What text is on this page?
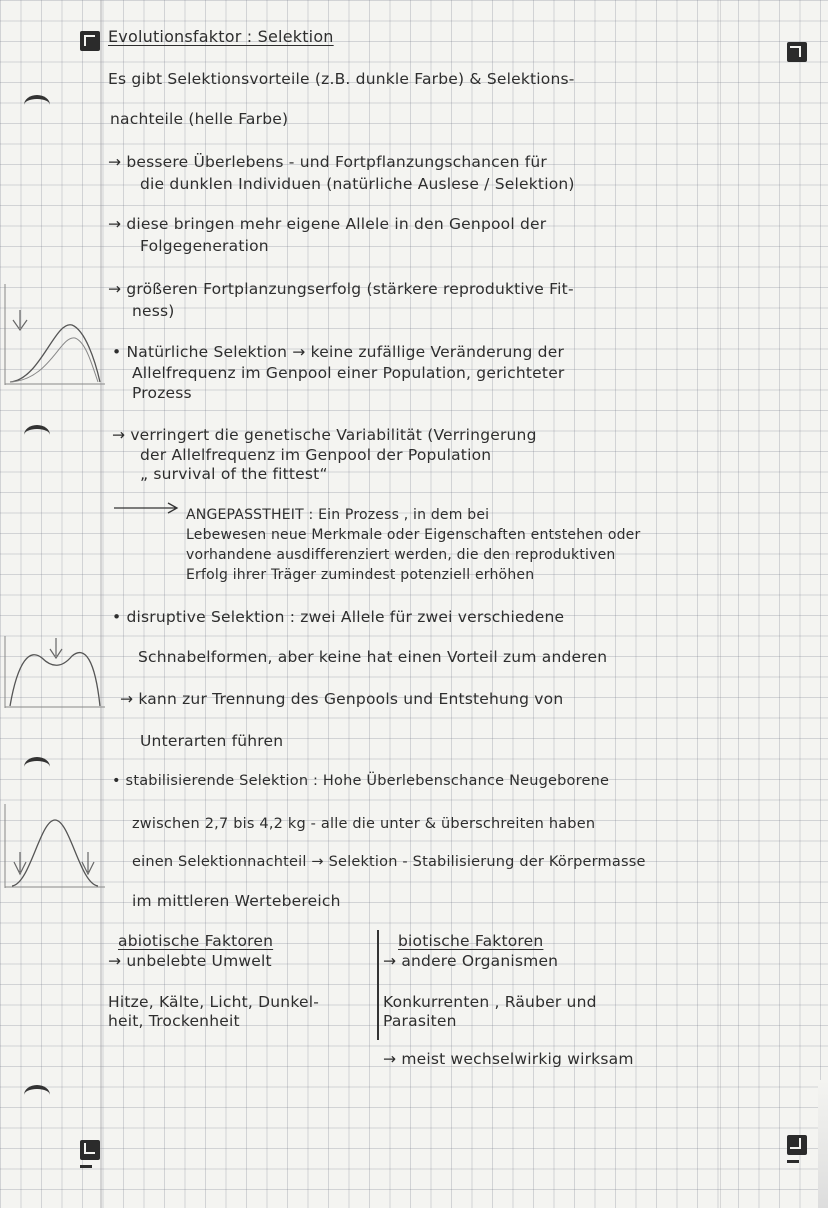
Evolutionsfaktor : Selektion
Es gibt Selektionsvorteile (z.B. dunkle Farbe) & Selektions-
nachteile (helle Farbe)
→ bessere Überlebens - und Fortpflanzungschancen für
die dunklen Individuen (natürliche Auslese / Selektion)
→ diese bringen mehr eigene Allele in den Genpool der
Folgegeneration
→ größeren Fortplanzungserfolg (stärkere reproduktive Fit-
ness)
• Natürliche Selektion → keine zufällige Veränderung der
Allelfrequenz im Genpool einer Population, gerichteter
Prozess
→ verringert die genetische Variabilität (Verringerung
der Allelfrequenz im Genpool der Population
„ survival of the fittest“
ANGEPASSTHEIT : Ein Prozess , in dem bei
Lebewesen neue Merkmale oder Eigenschaften entstehen oder
vorhandene ausdifferenziert werden, die den reproduktiven
Erfolg ihrer Träger zumindest potenziell erhöhen
• disruptive Selektion : zwei Allele für zwei verschiedene
Schnabelformen, aber keine hat einen Vorteil zum anderen
→ kann zur Trennung des Genpools und Entstehung von
Unterarten führen
• stabilisierende Selektion : Hohe Überlebenschance Neugeborene
zwischen 2,7 bis 4,2 kg - alle die unter & überschreiten haben
einen Selektionnachteil → Selektion - Stabilisierung der Körpermasse
im mittleren Wertebereich
abiotische Faktoren
→ unbelebte Umwelt
Hitze, Kälte, Licht, Dunkel-
heit, Trockenheit
biotische Faktoren
→ andere Organismen
Konkurrenten , Räuber und
Parasiten
→ meist wechselwirkig wirksam
